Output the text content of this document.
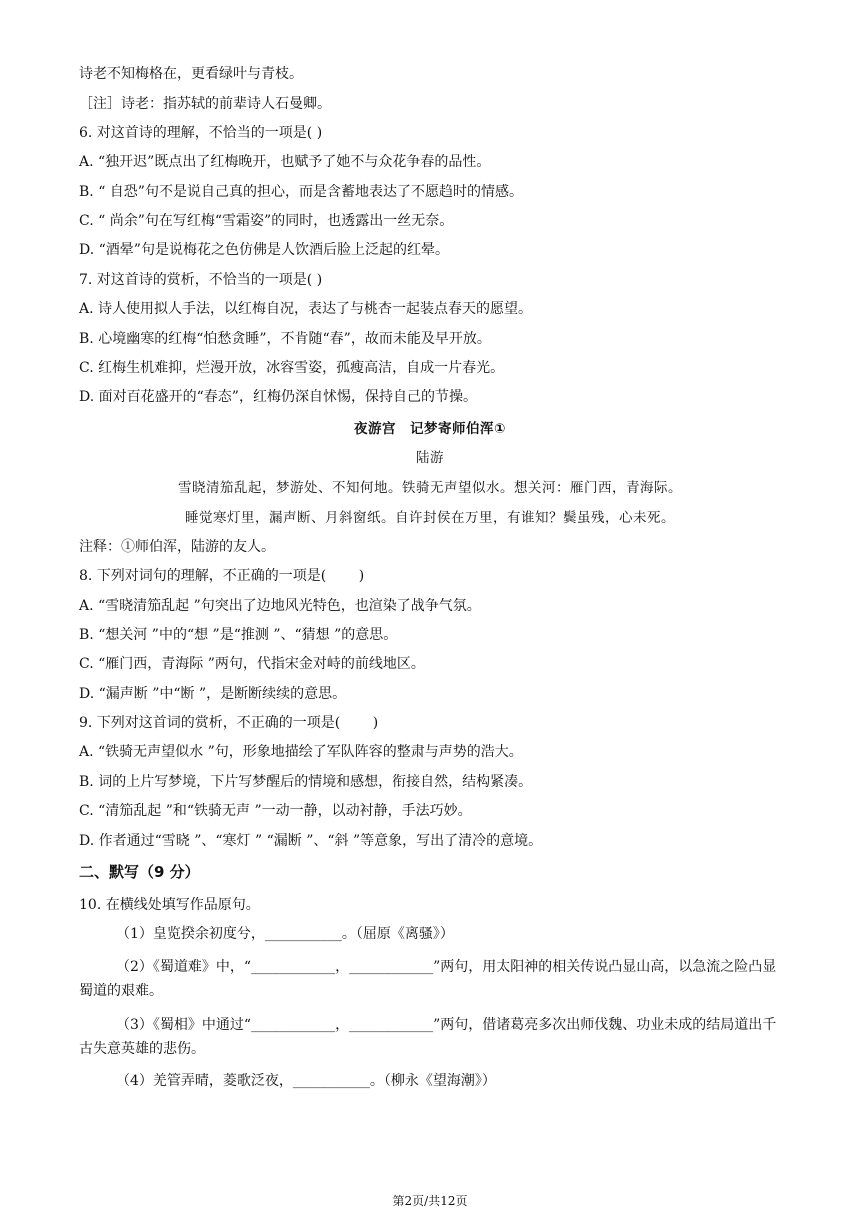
诗老不知梅格在，更看绿叶与青枝。
［注］诗老：指苏轼的前辈诗人石曼卿。
6. 对这首诗的理解，不恰当的一项是( )
A. “独开迟”既点出了红梅晚开，也赋予了她不与众花争春的品性。
B. “ 自恐”句不是说自己真的担心，而是含蓄地表达了不愿趋时的情感。
C. “ 尚余”句在写红梅“雪霜姿”的同时，也透露出一丝无奈。
D. “酒晕”句是说梅花之色仿佛是人饮酒后脸上泛起的红晕。
7. 对这首诗的赏析，不恰当的一项是( )
A. 诗人使用拟人手法，以红梅自况，表达了与桃杏一起装点春天的愿望。
B. 心境幽寒的红梅“怕愁贪睡”，不肯随“春”，故而未能及早开放。
C. 红梅生机难抑，烂漫开放，冰容雪姿，孤瘦高洁，自成一片春光。
D. 面对百花盛开的“春态”，红梅仍深自怵惕，保持自己的节操。
夜游宫　记梦寄师伯浑①
陆游
雪晓清笳乱起，梦游处、不知何地。铁骑无声望似水。想关河：雁门西，青海际。
睡觉寒灯里，漏声断、月斜窗纸。自许封侯在万里，有谁知？鬓虽残，心未死。
注释：①师伯浑，陆游的友人。
8. 下列对词句的理解，不正确的一项是(　　 )
A. “雪晓清笳乱起 ”句突出了边地风光特色，也渲染了战争气氛。
B. “想关河 ”中的“想 ”是“推测 ”、“猜想 ”的意思。
C. “雁门西，青海际 ”两句，代指宋金对峙的前线地区。
D. “漏声断 ”中“断 ”，是断断续续的意思。
9. 下列对这首词的赏析，不正确的一项是(　　 )
A. “铁骑无声望似水 ”句，形象地描绘了军队阵容的整肃与声势的浩大。
B. 词的上片写梦境，下片写梦醒后的情境和感想，衔接自然，结构紧凑。
C. “清笳乱起 ”和“铁骑无声 ”一动一静，以动衬静，手法巧妙。
D. 作者通过“雪晓 ”、“寒灯 ” “漏断 ”、“斜 ”等意象，写出了清冷的意境。
二、默写（9 分）
10. 在横线处填写作品原句。
（1）皇览揆余初度兮，___________。（屈原《离骚》）
（2）《蜀道难》中，“____________，____________”两句，用太阳神的相关传说凸显山高，以急流之险凸显蜀道的艰难。
（3）《蜀相》中通过“____________，____________”两句，借诸葛亮多次出师伐魏、功业未成的结局道出千古失意英雄的悲伤。
（4）羌管弄晴，菱歌泛夜，___________。（柳永《望海潮》）
第2页/共12页
